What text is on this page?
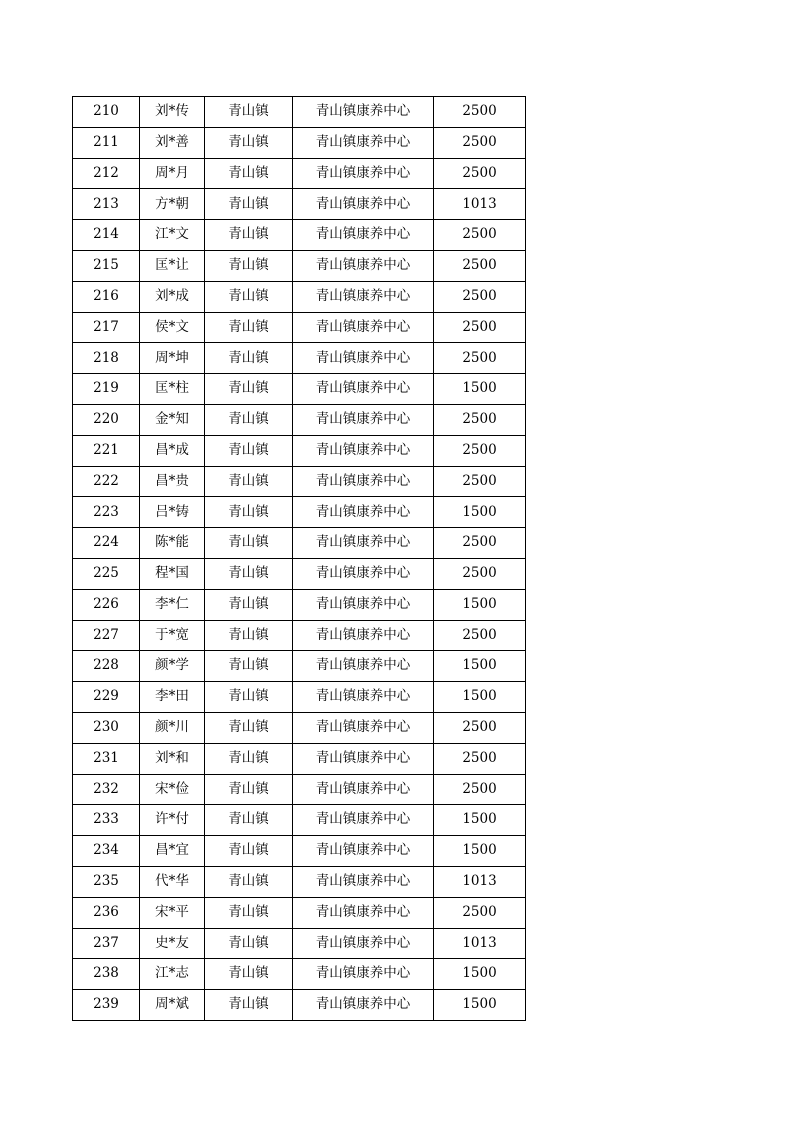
210	刘*传	青山镇	青山镇康养中心	2500
211	刘*善	青山镇	青山镇康养中心	2500
212	周*月	青山镇	青山镇康养中心	2500
213	方*朝	青山镇	青山镇康养中心	1013
214	江*文	青山镇	青山镇康养中心	2500
215	匡*让	青山镇	青山镇康养中心	2500
216	刘*成	青山镇	青山镇康养中心	2500
217	侯*文	青山镇	青山镇康养中心	2500
218	周*坤	青山镇	青山镇康养中心	2500
219	匡*柱	青山镇	青山镇康养中心	1500
220	金*知	青山镇	青山镇康养中心	2500
221	昌*成	青山镇	青山镇康养中心	2500
222	昌*贵	青山镇	青山镇康养中心	2500
223	吕*铸	青山镇	青山镇康养中心	1500
224	陈*能	青山镇	青山镇康养中心	2500
225	程*国	青山镇	青山镇康养中心	2500
226	李*仁	青山镇	青山镇康养中心	1500
227	于*宽	青山镇	青山镇康养中心	2500
228	颜*学	青山镇	青山镇康养中心	1500
229	李*田	青山镇	青山镇康养中心	1500
230	颜*川	青山镇	青山镇康养中心	2500
231	刘*和	青山镇	青山镇康养中心	2500
232	宋*俭	青山镇	青山镇康养中心	2500
233	许*付	青山镇	青山镇康养中心	1500
234	昌*宜	青山镇	青山镇康养中心	1500
235	代*华	青山镇	青山镇康养中心	1013
236	宋*平	青山镇	青山镇康养中心	2500
237	史*友	青山镇	青山镇康养中心	1013
238	江*志	青山镇	青山镇康养中心	1500
239	周*斌	青山镇	青山镇康养中心	1500
